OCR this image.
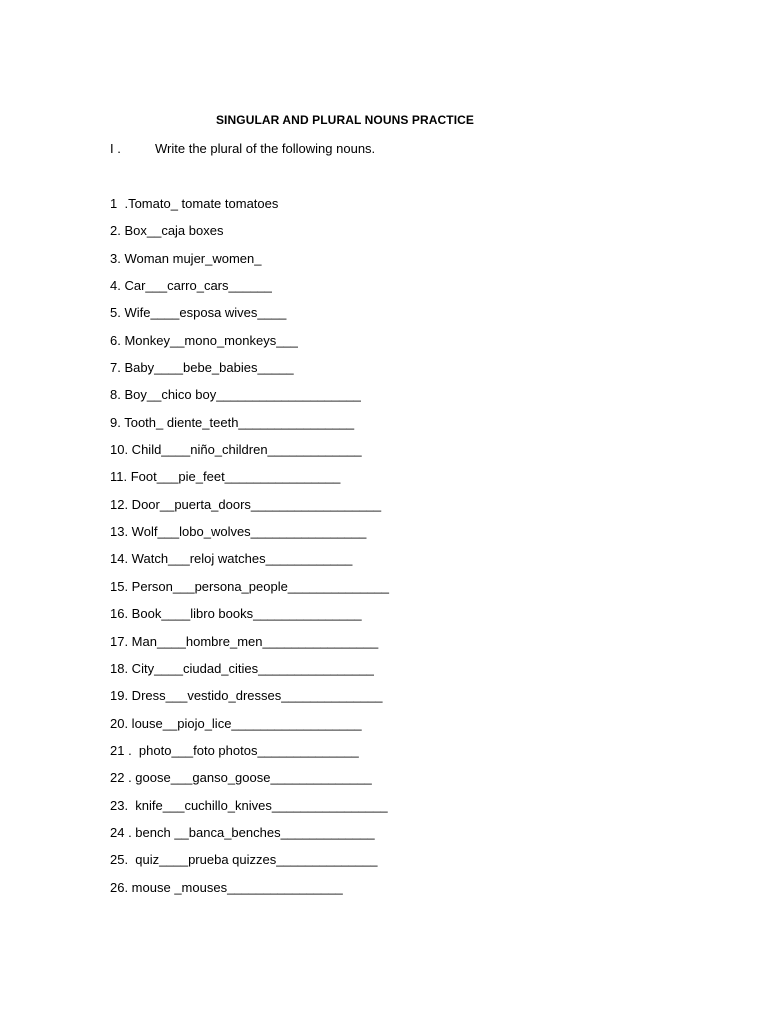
SINGULAR AND PLURAL NOUNS PRACTICE
I .	Write the plural of the following nouns.
1  .Tomato_ tomate tomatoes
2. Box__caja boxes
3. Woman mujer_women_
4. Car___carro_cars______
5. Wife____esposa wives____
6. Monkey__mono_monkeys___
7. Baby____bebe_babies_____
8. Boy__chico boy____________________
9. Tooth_ diente_teeth________________
10. Child____niño_children_____________
11. Foot___pie_feet________________
12. Door__puerta_doors__________________
13. Wolf___lobo_wolves________________
14. Watch___reloj watches____________
15. Person___persona_people______________
16. Book____libro books_______________
17. Man____hombre_men________________
18. City____ciudad_cities________________
19. Dress___vestido_dresses______________
20. louse__piojo_lice__________________
21 .  photo___foto photos______________
22 . goose___ganso_goose______________
23.  knife___cuchillo_knives________________
24 . bench __banca_benches_____________
25.  quiz____prueba quizzes______________
26. mouse _mouses________________
